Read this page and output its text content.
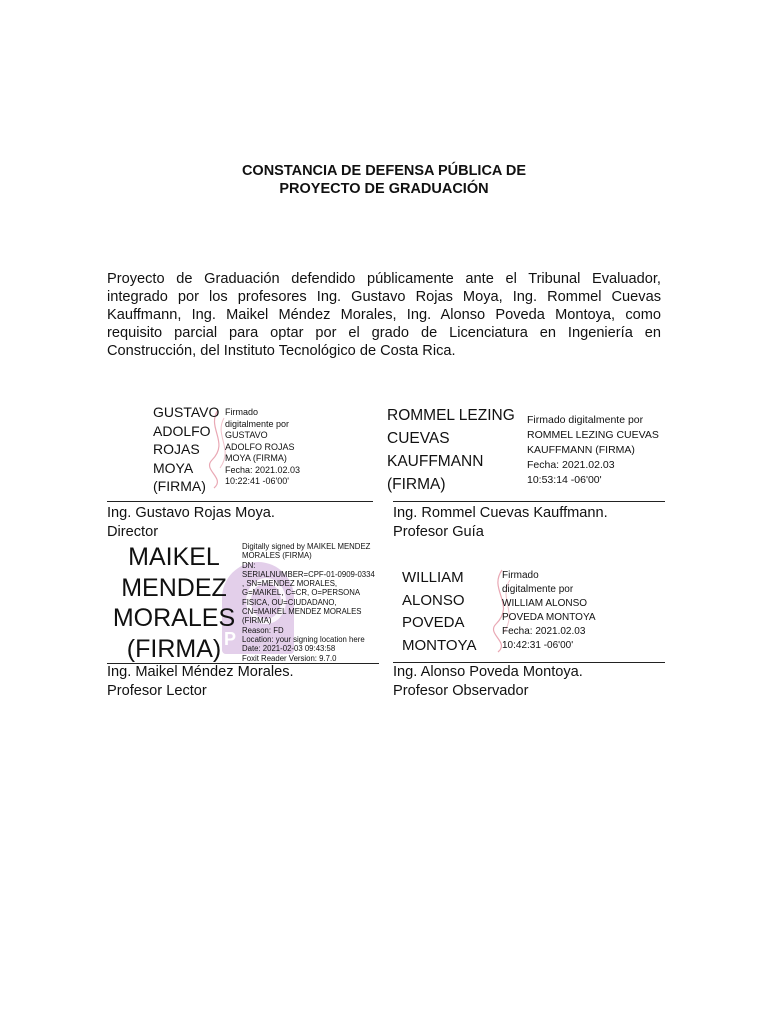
CONSTANCIA DE DEFENSA PÚBLICA DE
PROYECTO DE GRADUACIÓN
Proyecto de Graduación defendido públicamente ante el Tribunal Evaluador, integrado por los profesores Ing. Gustavo Rojas Moya, Ing. Rommel Cuevas Kauffmann, Ing. Maikel Méndez Morales, Ing. Alonso Poveda Montoya, como requisito parcial para optar por el grado de Licenciatura en Ingeniería en Construcción, del Instituto Tecnológico de Costa Rica.
GUSTAVO
ADOLFO
ROJAS
MOYA
(FIRMA)
Firmado
digitalmente por
GUSTAVO
ADOLFO ROJAS
MOYA (FIRMA)
Fecha: 2021.02.03
10:22:41 -06'00'
Ing. Gustavo Rojas Moya.
Director
ROMMEL LEZING
CUEVAS
KAUFFMANN
(FIRMA)
Firmado digitalmente por
ROMMEL LEZING CUEVAS
KAUFFMANN (FIRMA)
Fecha: 2021.02.03
10:53:14 -06'00'
Ing. Rommel Cuevas Kauffmann.
Profesor Guía
P
MAIKEL
MENDEZ
MORALES
(FIRMA)
Digitally signed by MAIKEL MENDEZ
MORALES (FIRMA)
DN:
SERIALNUMBER=CPF-01-0909-0334
, SN=MENDEZ MORALES,
G=MAIKEL, C=CR, O=PERSONA
FISICA, OU=CIUDADANO,
CN=MAIKEL MENDEZ MORALES
(FIRMA)
Reason: FD
Location: your signing location here
Date: 2021-02-03 09:43:58
Foxit Reader Version: 9.7.0
Ing. Maikel Méndez Morales.
Profesor Lector
WILLIAM
ALONSO
POVEDA
MONTOYA
Firmado
digitalmente por
WILLIAM ALONSO
POVEDA MONTOYA
Fecha: 2021.02.03
10:42:31 -06'00'
Ing. Alonso Poveda Montoya.
Profesor Observador
